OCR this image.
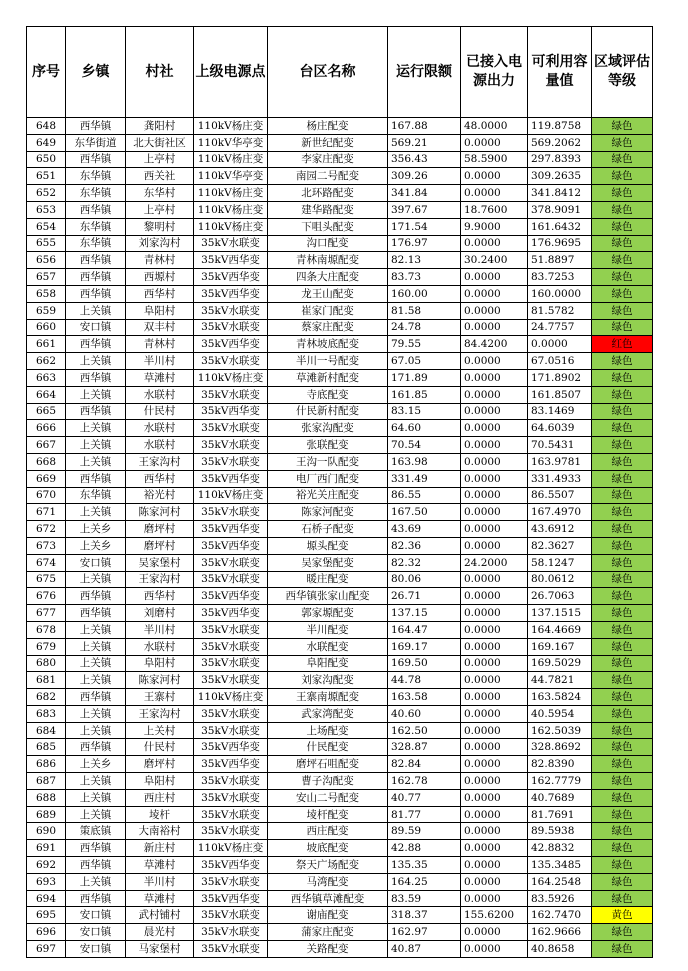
序号	乡镇	村社	上级电源点	台区名称	运行限额	已接入电源出力	可利用容量值	区域评估等级
648	西华镇	龚阳村	110kV杨庄变	杨庄配变	167.88	48.0000	119.8758	绿色
649	东华街道	北大街社区	110kV华亭变	新世纪配变	569.21	0.0000	569.2062	绿色
650	西华镇	上亭村	110kV杨庄变	李家庄配变	356.43	58.5900	297.8393	绿色
651	东华镇	西关社	110kV华亭变	南园二号配变	309.26	0.0000	309.2635	绿色
652	东华镇	东华村	110kV杨庄变	北环路配变	341.84	0.0000	341.8412	绿色
653	西华镇	上亭村	110kV杨庄变	建华路配变	397.67	18.7600	378.9091	绿色
654	东华镇	黎明村	110kV杨庄变	下咀头配变	171.54	9.9000	161.6432	绿色
655	东华镇	刘家沟村	35kV水联变	沟口配变	176.97	0.0000	176.9695	绿色
656	西华镇	青林村	35kV西华变	青林南塬配变	82.13	30.2400	51.8897	绿色
657	西华镇	西塬村	35kV西华变	四条大庄配变	83.73	0.0000	83.7253	绿色
658	西华镇	西华村	35kV西华变	龙王山配变	160.00	0.0000	160.0000	绿色
659	上关镇	阜阳村	35kV水联变	崔家门配变	81.58	0.0000	81.5782	绿色
660	安口镇	双丰村	35kV水联变	蔡家庄配变	24.78	0.0000	24.7757	绿色
661	西华镇	青林村	35kV西华变	青林坡底配变	79.55	84.4200	0.0000	红色
662	上关镇	半川村	35kV水联变	半川一号配变	67.05	0.0000	67.0516	绿色
663	西华镇	草滩村	110kV杨庄变	草滩新村配变	171.89	0.0000	171.8902	绿色
664	上关镇	水联村	35kV水联变	寺底配变	161.85	0.0000	161.8507	绿色
665	西华镇	什民村	35kV西华变	什民新村配变	83.15	0.0000	83.1469	绿色
666	上关镇	水联村	35kV水联变	张家沟配变	64.60	0.0000	64.6039	绿色
667	上关镇	水联村	35kV水联变	张联配变	70.54	0.0000	70.5431	绿色
668	上关镇	王家沟村	35kV水联变	王沟一队配变	163.98	0.0000	163.9781	绿色
669	西华镇	西华村	35kV西华变	电厂西门配变	331.49	0.0000	331.4933	绿色
670	东华镇	裕光村	110kV杨庄变	裕光关庄配变	86.55	0.0000	86.5507	绿色
671	上关镇	陈家河村	35kV水联变	陈家河配变	167.50	0.0000	167.4970	绿色
672	上关乡	磨坪村	35kV西华变	石桥子配变	43.69	0.0000	43.6912	绿色
673	上关乡	磨坪村	35kV西华变	塬头配变	82.36	0.0000	82.3627	绿色
674	安口镇	吴家堡村	35kV水联变	吴家堡配变	82.32	24.2000	58.1247	绿色
675	上关镇	王家沟村	35kV水联变	暖庄配变	80.06	0.0000	80.0612	绿色
676	西华镇	西华村	35kV西华变	西华镇张家山配变	26.71	0.0000	26.7063	绿色
677	西华镇	刘磨村	35kV西华变	郭家塬配变	137.15	0.0000	137.1515	绿色
678	上关镇	半川村	35kV水联变	半川配变	164.47	0.0000	164.4669	绿色
679	上关镇	水联村	35kV水联变	水联配变	169.17	0.0000	169.167	绿色
680	上关镇	阜阳村	35kV水联变	阜阳配变	169.50	0.0000	169.5029	绿色
681	上关镇	陈家河村	35kV水联变	刘家沟配变	44.78	0.0000	44.7821	绿色
682	西华镇	王寨村	110kV杨庄变	王寨南塬配变	163.58	0.0000	163.5824	绿色
683	上关镇	王家沟村	35kV水联变	武家湾配变	40.60	0.0000	40.5954	绿色
684	上关镇	上关村	35kV水联变	上场配变	162.50	0.0000	162.5039	绿色
685	西华镇	什民村	35kV西华变	什民配变	328.87	0.0000	328.8692	绿色
686	上关乡	磨坪村	35kV西华变	磨坪石咀配变	82.84	0.0000	82.8390	绿色
687	上关镇	阜阳村	35kV水联变	曹子沟配变	162.78	0.0000	162.7779	绿色
688	上关镇	西庄村	35kV水联变	安山二号配变	40.77	0.0000	40.7689	绿色
689	上关镇	堎杆	35kV水联变	堎杆配变	81.77	0.0000	81.7691	绿色
690	策底镇	大南裕村	35kV水联变	西庄配变	89.59	0.0000	89.5938	绿色
691	西华镇	新庄村	110kV杨庄变	坡底配变	42.88	0.0000	42.8832	绿色
692	西华镇	草滩村	35kV西华变	祭天广场配变	135.35	0.0000	135.3485	绿色
693	上关镇	半川村	35kV水联变	马湾配变	164.25	0.0000	164.2548	绿色
694	西华镇	草滩村	35kV西华变	西华镇草滩配变	83.59	0.0000	83.5926	绿色
695	安口镇	武村铺村	35kV水联变	谢庙配变	318.37	155.6200	162.7470	黄色
696	安口镇	晨光村	35kV水联变	蒲家庄配变	162.97	0.0000	162.9666	绿色
697	安口镇	马家堡村	35kV水联变	关路配变	40.87	0.0000	40.8658	绿色
